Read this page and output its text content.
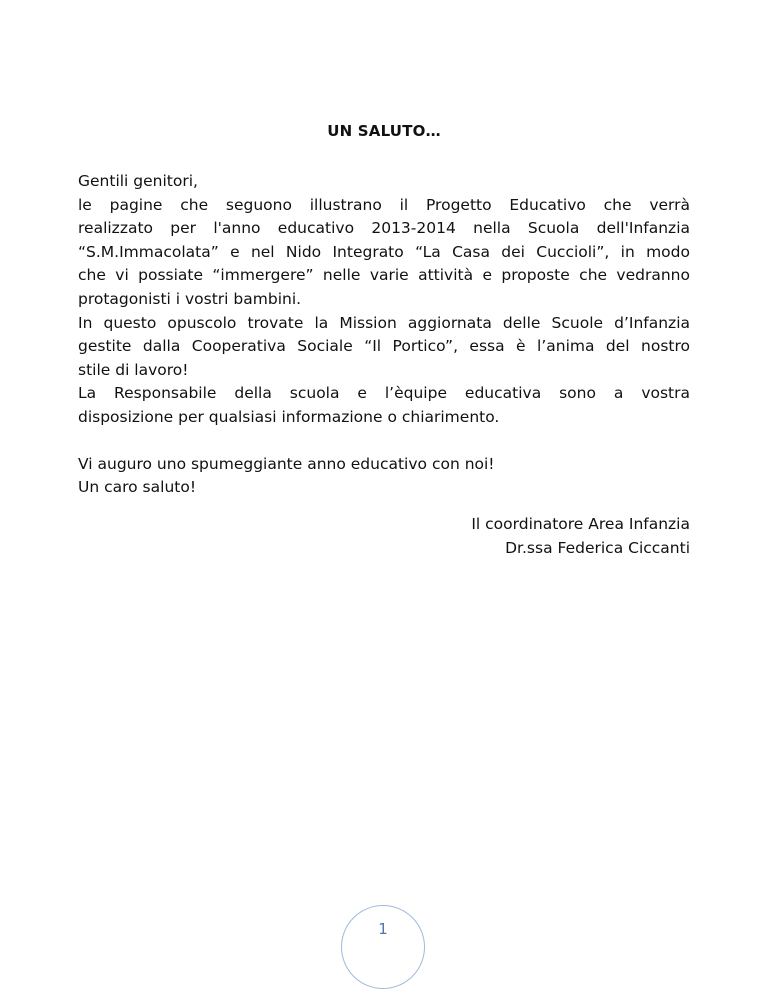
UN SALUTO…

Gentili genitori,

le pagine che seguono illustrano il Progetto Educativo che verrà

realizzato per l'anno educativo 2013-2014 nella Scuola dell'Infanzia

“S.M.Immacolata” e nel Nido Integrato “La Casa dei Cuccioli”, in modo

che vi possiate “immergere” nelle varie attività e proposte che vedranno

protagonisti i vostri bambini.

In questo opuscolo trovate la Mission aggiornata delle Scuole d’Infanzia

gestite dalla Cooperativa Sociale “Il Portico”, essa è l’anima del nostro

stile di lavoro!

La Responsabile della scuola e l’èquipe educativa sono a vostra

disposizione per qualsiasi informazione o chiarimento.

Vi auguro uno spumeggiante anno educativo con noi!

Un caro saluto!

Il coordinatore Area Infanzia
Dr.ssa Federica Ciccanti
1
